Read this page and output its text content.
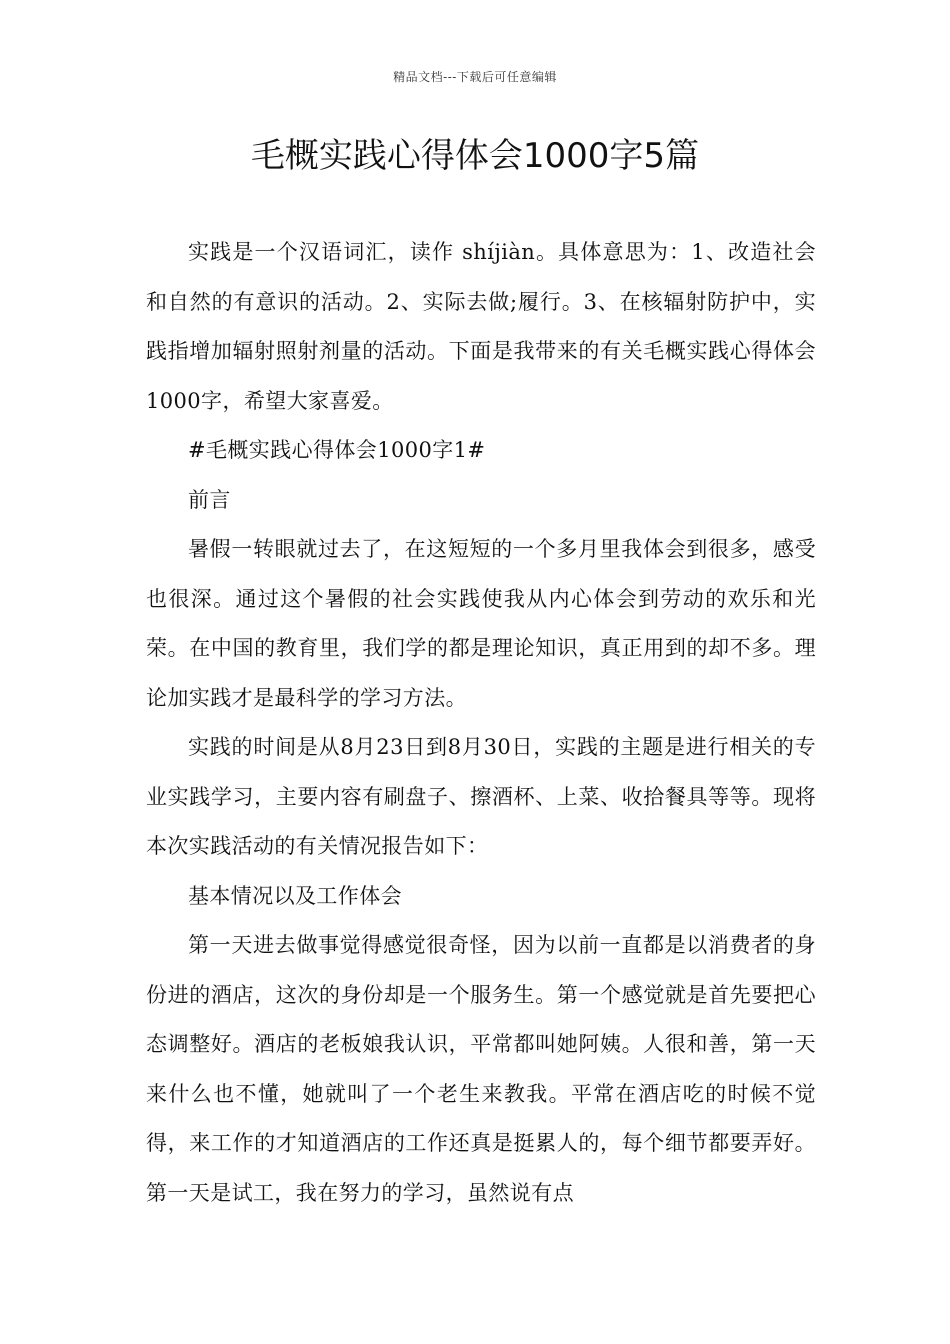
精品文档---下载后可任意编辑
毛概实践心得体会1000字5篇

实践是一个汉语词汇，读作 shíjiàn。具体意思为：1、改造社会和自然的有意识的活动。2、实际去做;履行。3、在核辐射防护中，实践指增加辐射照射剂量的活动。下面是我带来的有关毛概实践心得体会1000字，希望大家喜爱。

#毛概实践心得体会1000字1#

前言

暑假一转眼就过去了，在这短短的一个多月里我体会到很多，感受也很深。通过这个暑假的社会实践使我从内心体会到劳动的欢乐和光荣。在中国的教育里，我们学的都是理论知识，真正用到的却不多。理论加实践才是最科学的学习方法。

实践的时间是从8月23日到8月30日，实践的主题是进行相关的专业实践学习，主要内容有刷盘子、擦酒杯、上菜、收拾餐具等等。现将本次实践活动的有关情况报告如下：

基本情况以及工作体会

第一天进去做事觉得感觉很奇怪，因为以前一直都是以消费者的身份进的酒店，这次的身份却是一个服务生。第一个感觉就是首先要把心态调整好。酒店的老板娘我认识，平常都叫她阿姨。人很和善，第一天来什么也不懂，她就叫了一个老生来教我。平常在酒店吃的时候不觉得，来工作的才知道酒店的工作还真是挺累人的，每个细节都要弄好。第一天是试工，我在努力的学习，虽然说有点
